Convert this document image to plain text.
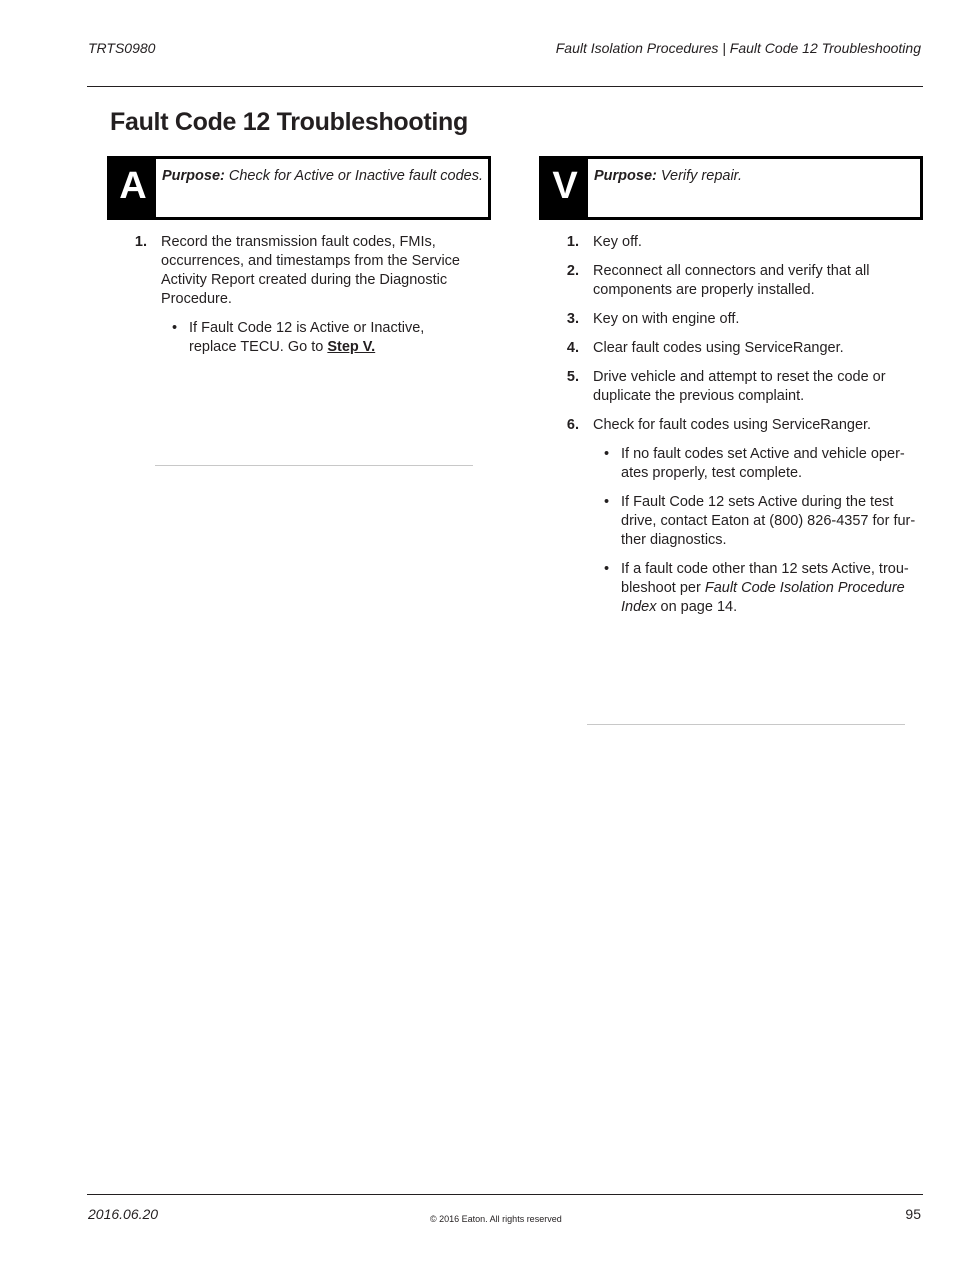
TRTS0980	Fault Isolation Procedures | Fault Code 12 Troubleshooting
Fault Code 12 Troubleshooting
A	Purpose: Check for Active or Inactive fault codes. V	Purpose: Verify repair.
1. Record the transmission fault codes, FMIs, occurrences, and timestamps from the Service Activity Report created during the Diagnostic Procedure.
• If Fault Code 12 is Active or Inactive, replace TECU. Go to Step V.
1. Key off.
2. Reconnect all connectors and verify that all components are properly installed.
3. Key on with engine off.
4. Clear fault codes using ServiceRanger.
5. Drive vehicle and attempt to reset the code or duplicate the previous complaint.
6. Check for fault codes using ServiceRanger.
• If no fault codes set Active and vehicle oper-ates properly, test complete.
• If Fault Code 12 sets Active during the test drive, contact Eaton at (800) 826-4357 for fur-ther diagnostics.
• If a fault code other than 12 sets Active, trou-bleshoot per Fault Code Isolation Procedure Index on page 14.
2016.06.20	© 2016 Eaton. All rights reserved	95
